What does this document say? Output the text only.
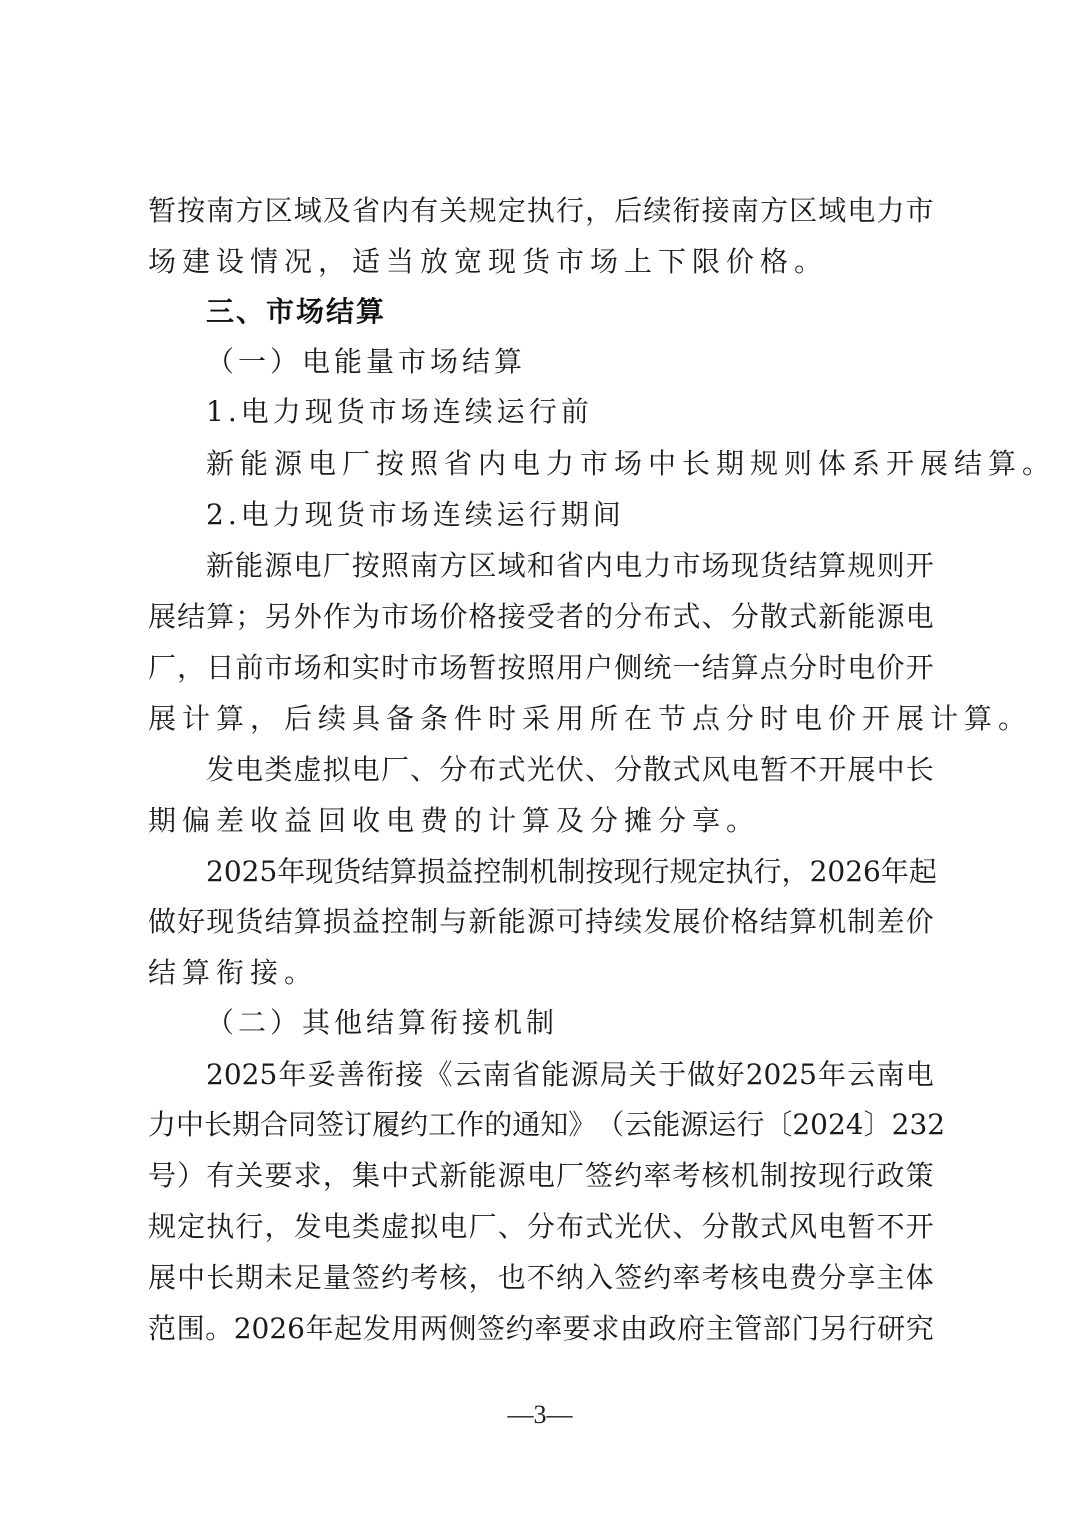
暂 按 南 方 区 域 及 省 内 有 关 规 定 执 行 ， 后 续 衔 接 南 方 区 域 电 力 市
场建设情况，适当放宽现货市场上下限价格。
三、市场结算
（一）电能量市场结算
1.电力现货市场连续运行前
新能源电厂按照省内电力市场中长期规则体系开展结算。
2.电力现货市场连续运行期间
新 能 源 电 厂 按 照 南 方 区 域 和 省 内 电 力 市 场 现 货 结 算 规 则 开
展 结 算 ； 另 外 作 为 市 场 价 格 接 受 者 的 分 布 式 、 分 散 式 新 能 源 电
厂 ， 日 前 市 场 和 实 时 市 场 暂 按 照 用 户 侧 统 一 结 算 点 分 时 电 价 开
展计算，后续具备条件时采用所在节点分时电价开展计算。
发 电 类 虚 拟 电 厂 、 分 布 式 光 伏 、 分 散 式 风 电 暂 不 开 展 中 长
期偏差收益回收电费的计算及分摊分享。
2025 年 现 货 结 算 损 益 控 制 机 制 按 现 行 规 定 执 行 ， 2026 年 起
做 好 现 货 结 算 损 益 控 制 与 新 能 源 可 持 续 发 展 价 格 结 算 机 制 差 价
结算衔接。
（二）其他结算衔接机制
2025 年 妥 善 衔 接 《 云 南 省 能 源 局 关 于 做 好 2025 年 云 南 电
力 中 长 期 合 同 签 订 履 约 工 作 的 通 知 》 （ 云 能 源 运 行 〔 2024 〕 232
号 ） 有 关 要 求 ， 集 中 式 新 能 源 电 厂 签 约 率 考 核 机 制 按 现 行 政 策
规 定 执 行 ， 发 电 类 虚 拟 电 厂 、 分 布 式 光 伏 、 分 散 式 风 电 暂 不 开
展 中 长 期 未 足 量 签 约 考 核 ， 也 不 纳 入 签 约 率 考 核 电 费 分 享 主 体
范 围 。 2026 年 起 发 用 两 侧 签 约 率 要 求 由 政 府 主 管 部 门 另 行 研 究
—3—
